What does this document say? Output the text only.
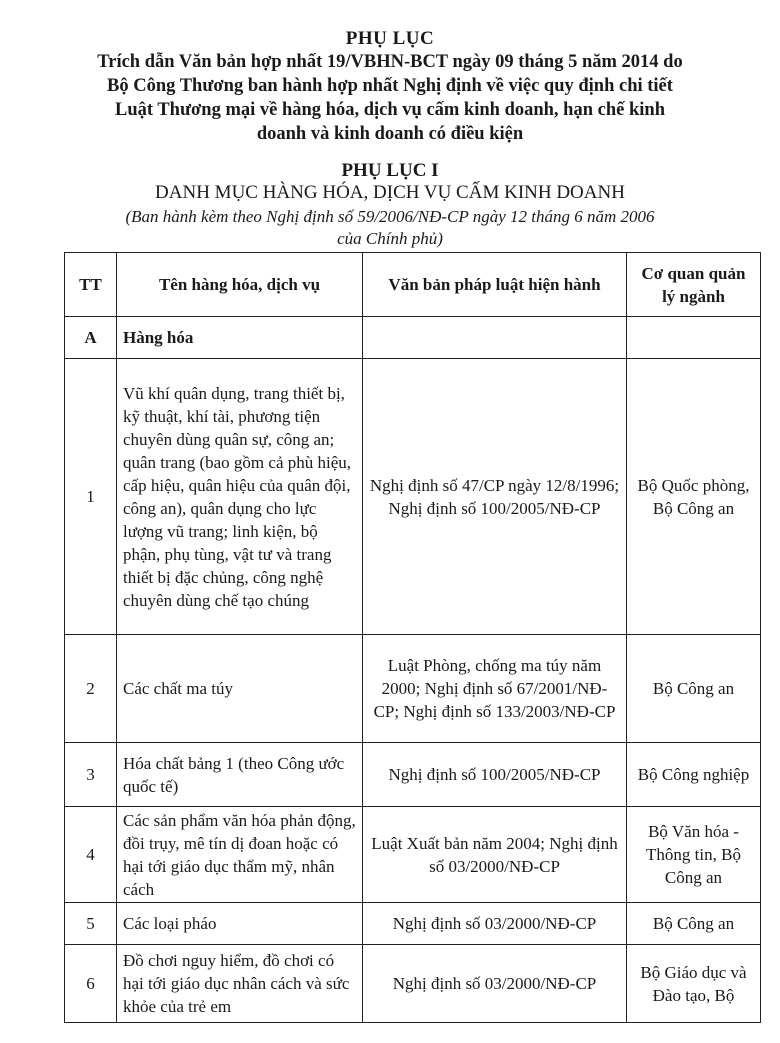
PHỤ LỤC
Trích dẫn Văn bản hợp nhất 19/VBHN-BCT ngày 09 tháng 5 năm 2014 do
Bộ Công Thương ban hành hợp nhất Nghị định về việc quy định chi tiết
Luật Thương mại về hàng hóa, dịch vụ cấm kinh doanh, hạn chế kinh
doanh và kinh doanh có điều kiện
PHỤ LỤC I
DANH MỤC HÀNG HÓA, DỊCH VỤ CẤM KINH DOANH
(Ban hành kèm theo Nghị định số 59/2006/NĐ-CP ngày 12 tháng 6 năm 2006
của Chính phủ)
TT	Tên hàng hóa, dịch vụ	Văn bản pháp luật hiện hành	Cơ quan quản lý ngành
A	Hàng hóa		
1	Vũ khí quân dụng, trang thiết bị, kỹ thuật, khí tài, phương tiện chuyên dùng quân sự, công an; quân trang (bao gồm cả phù hiệu, cấp hiệu, quân hiệu của quân đội, công an), quân dụng cho lực lượng vũ trang; linh kiện, bộ phận, phụ tùng, vật tư và trang thiết bị đặc chủng, công nghệ chuyên dùng chế tạo chúng	Nghị định số 47/CP ngày 12/8/1996; Nghị định số 100/2005/NĐ-CP	Bộ Quốc phòng, Bộ Công an
2	Các chất ma túy	Luật Phòng, chống ma túy năm 2000; Nghị định số 67/2001/NĐ-CP; Nghị định số 133/2003/NĐ-CP	Bộ Công an
3	Hóa chất bảng 1 (theo Công ước quốc tế)	Nghị định số 100/2005/NĐ-CP	Bộ Công nghiệp
4	Các sản phẩm văn hóa phản động, đồi trụy, mê tín dị đoan hoặc có hại tới giáo dục thẩm mỹ, nhân cách	Luật Xuất bản năm 2004; Nghị định số 03/2000/NĐ-CP	Bộ Văn hóa - Thông tin, Bộ Công an
5	Các loại pháo	Nghị định số 03/2000/NĐ-CP	Bộ Công an
6	Đồ chơi nguy hiểm, đồ chơi có hại tới giáo dục nhân cách và sức khỏe của trẻ em	Nghị định số 03/2000/NĐ-CP	Bộ Giáo dục và Đào tạo, Bộ
